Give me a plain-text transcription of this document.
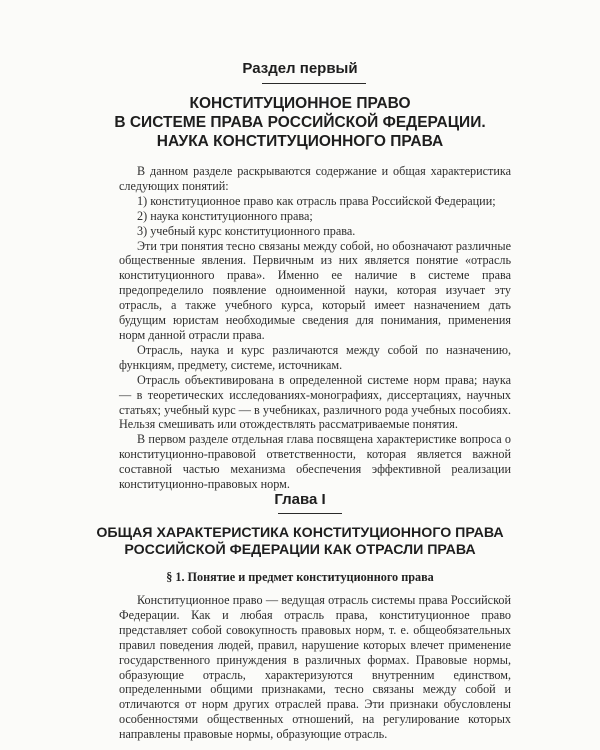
Раздел первый
КОНСТИТУЦИОННОЕ ПРАВО
В СИСТЕМЕ ПРАВА РОССИЙСКОЙ ФЕДЕРАЦИИ.
НАУКА КОНСТИТУЦИОННОГО ПРАВА

В данном разделе раскрываются содержание и общая характеристика следующих понятий:

1) конституционное право как отрасль права Российской Федерации;

2) наука конституционного права;

3) учебный курс конституционного права.

Эти три понятия тесно связаны между собой, но обозначают различные общественные явления. Первичным из них является понятие «отрасль конституционного права». Именно ее наличие в системе права предопределило появление одноименной науки, которая изучает эту отрасль, а также учебного курса, который имеет назначением дать будущим юристам необходимые сведения для понимания, применения норм данной отрасли права.

Отрасль, наука и курс различаются между собой по назначению, функциям, предмету, системе, источникам.

Отрасль объективирована в определенной системе норм права; наука — в теоретических исследованиях-монографиях, диссертациях, научных статьях; учебный курс — в учебниках, различного рода учебных пособиях. Нельзя смешивать или отождествлять рассматриваемые понятия.

В первом разделе отдельная глава посвящена характеристике вопроса о конституционно-правовой ответственности, которая является важной составной частью механизма обеспечения эффективной реализации конституционно-правовых норм.

Глава I
ОБЩАЯ ХАРАКТЕРИСТИКА КОНСТИТУЦИОННОГО ПРАВА
РОССИЙСКОЙ ФЕДЕРАЦИИ КАК ОТРАСЛИ ПРАВА
§ 1. Понятие и предмет конституционного права

Конституционное право — ведущая отрасль системы права Российской Федерации. Как и любая отрасль права, конституционное право представляет собой совокупность правовых норм, т. е. общеобязательных правил поведения людей, правил, нарушение которых влечет применение государственного принуждения в различных формах. Правовые нормы, образующие отрасль, характеризуются внутренним единством, определенными общими признаками, тесно связаны между собой и отличаются от норм других отраслей права. Эти признаки обусловлены особенностями общественных отношений, на регулирование которых направлены правовые нормы, образующие отрасль.
